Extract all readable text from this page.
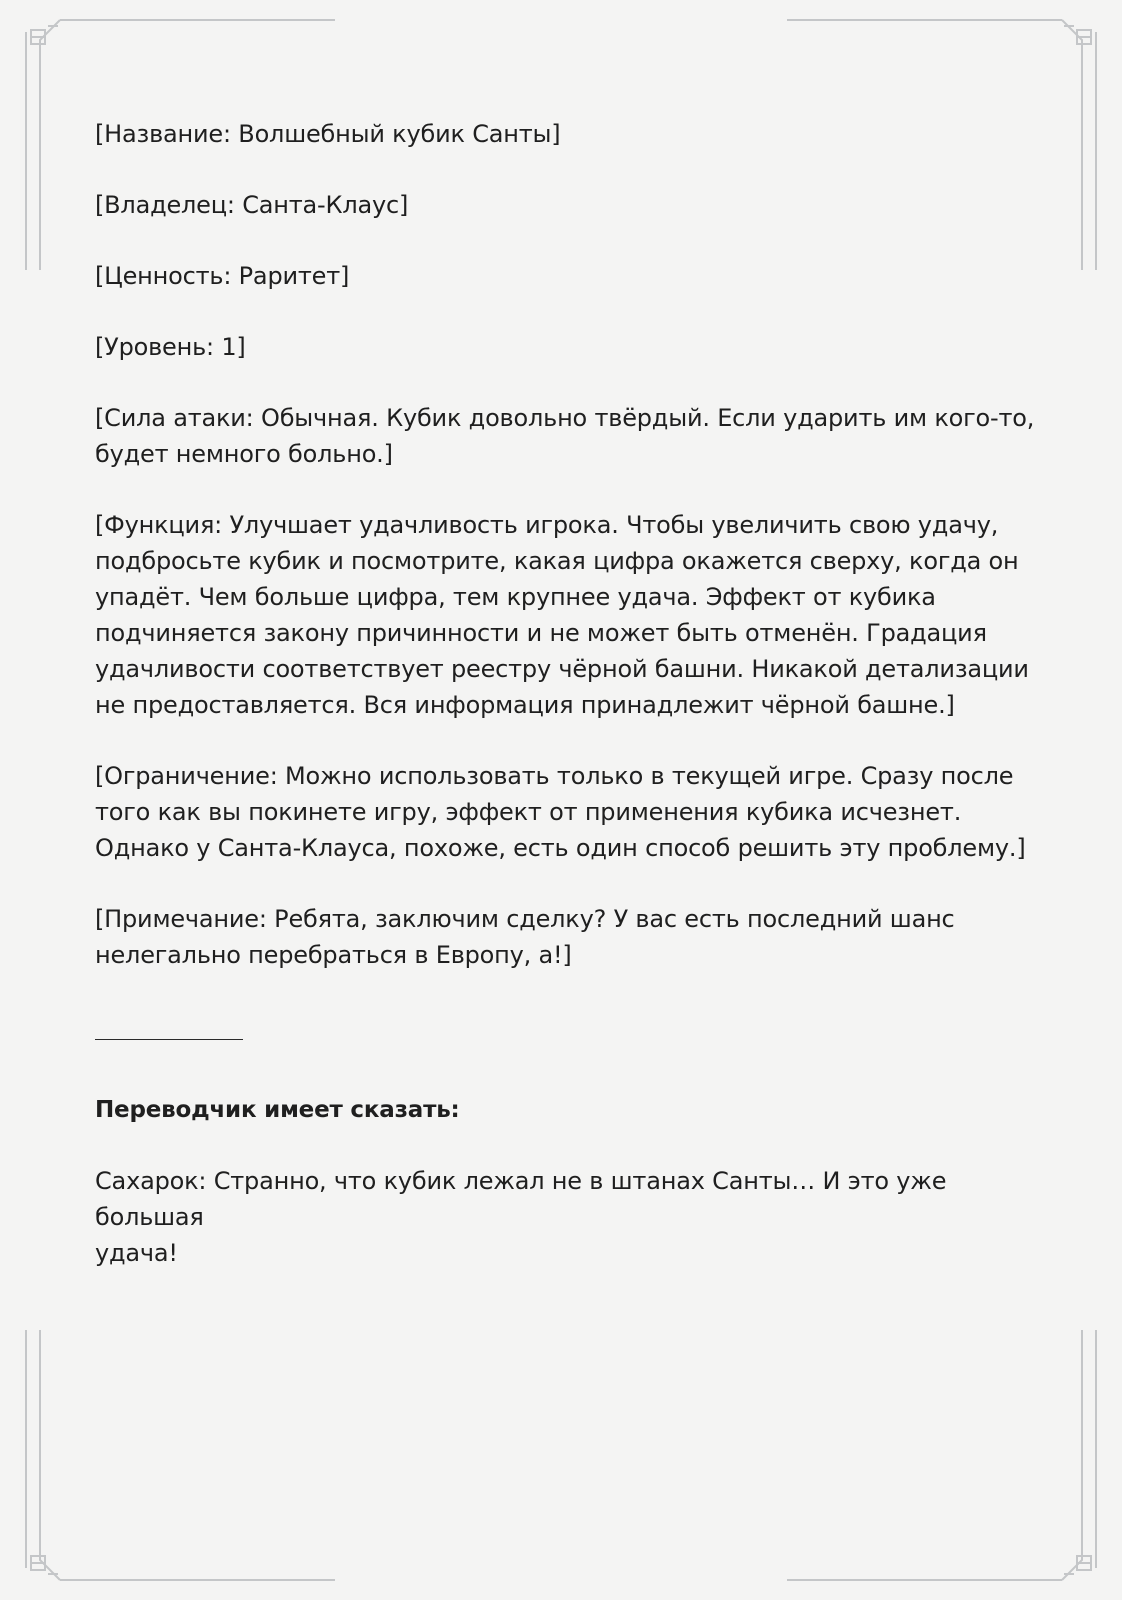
[Название: Волшебный кубик Санты]

[Владелец: Санта-Клаус]

[Ценность: Раритет]

[Уровень: 1]

[Сила атаки: Обычная. Кубик довольно твёрдый. Если ударить им кого-то,

будет немного больно.]

[Функция: Улучшает удачливость игрока. Чтобы увеличить свою удачу,

подбросьте кубик и посмотрите, какая цифра окажется сверху, когда он

упадёт. Чем больше цифра, тем крупнее удача. Эффект от кубика

подчиняется закону причинности и не может быть отменён. Градация

удачливости соответствует реестру чёрной башни. Никакой детализации

не предоставляется. Вся информация принадлежит чёрной башне.]

[Ограничение: Можно использовать только в текущей игре. Сразу после

того как вы покинете игру, эффект от применения кубика исчезнет.

Однако у Санта-Клауса, похоже, есть один способ решить эту проблему.]

[Примечание: Ребята, заключим сделку? У вас есть последний шанс

нелегально перебраться в Европу, а!]

Переводчик имеет сказать:

Сахарок: Странно, что кубик лежал не в штанах Санты… И это уже большая

удача!
